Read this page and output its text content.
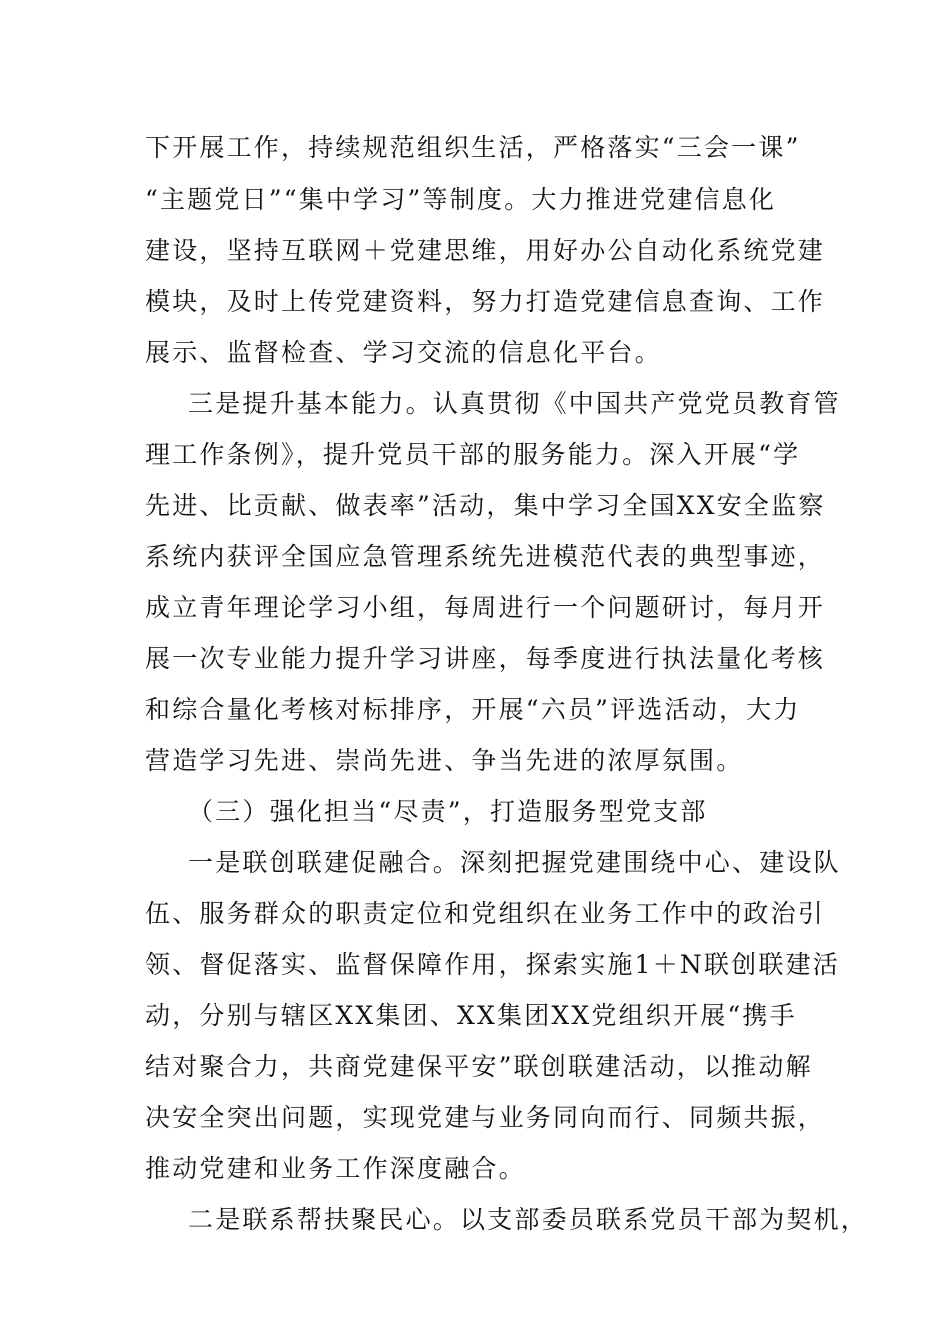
下开展工作，持续规范组织生活，严格落实“三会一课”
“主题党日”“集中学习”等制度。大力推进党建信息化
建设，坚持互联网＋党建思维，用好办公自动化系统党建
模块，及时上传党建资料，努力打造党建信息查询、工作
展示、监督检查、学习交流的信息化平台。
三是提升基本能力。认真贯彻《中国共产党党员教育管
理工作条例》，提升党员干部的服务能力。深入开展“学
先进、比贡献、做表率”活动，集中学习全国XX安全监察
系统内获评全国应急管理系统先进模范代表的典型事迹，
成立青年理论学习小组，每周进行一个问题研讨，每月开
展一次专业能力提升学习讲座，每季度进行执法量化考核
和综合量化考核对标排序，开展“六员”评选活动，大力
营造学习先进、崇尚先进、争当先进的浓厚氛围。
（三）强化担当“尽责”，打造服务型党支部
一是联创联建促融合。深刻把握党建围绕中心、建设队
伍、服务群众的职责定位和党组织在业务工作中的政治引
领、督促落实、监督保障作用，探索实施1＋N联创联建活
动，分别与辖区XX集团、XX集团XX党组织开展“携手
结对聚合力，共商党建保平安”联创联建活动，以推动解
决安全突出问题，实现党建与业务同向而行、同频共振，
推动党建和业务工作深度融合。
二是联系帮扶聚民心。以支部委员联系党员干部为契机，
